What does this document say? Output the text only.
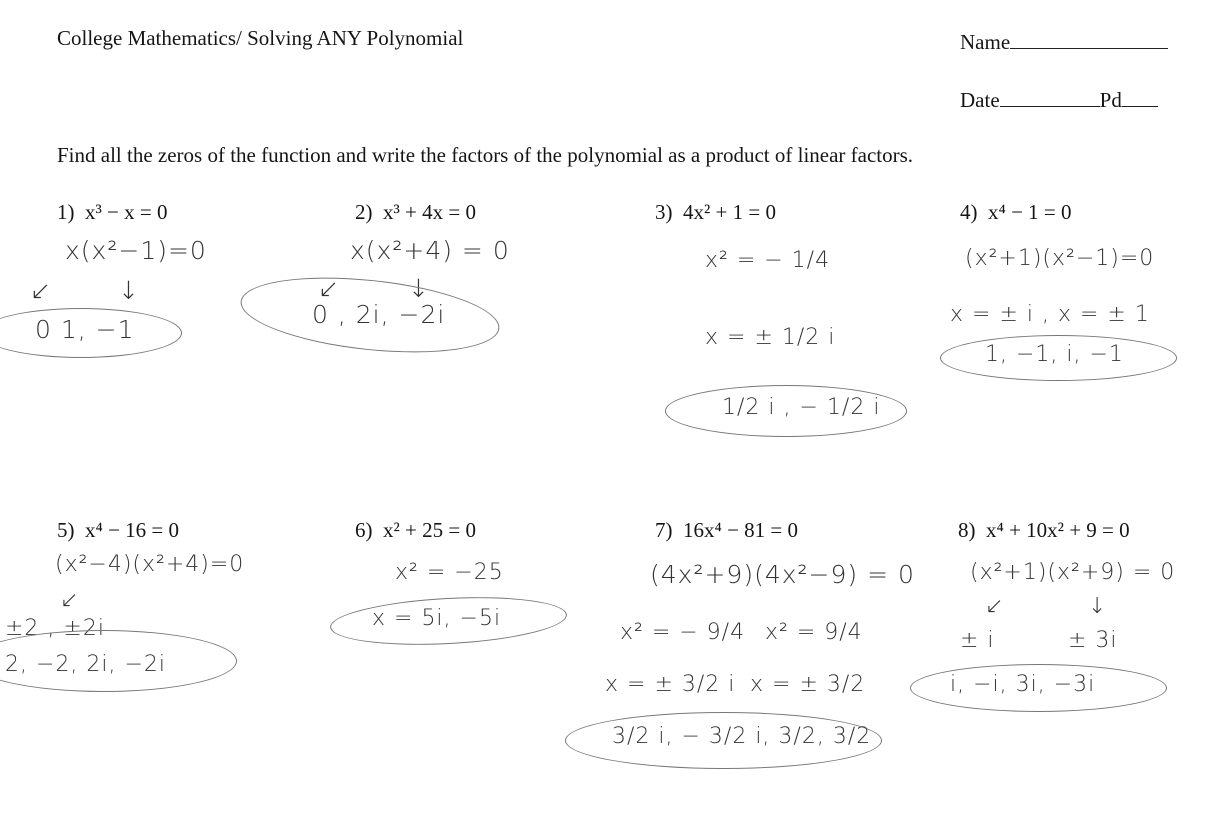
College Mathematics/ Solving ANY Polynomial	Name
Date	Pd
Find all the zeros of the function and write the factors of the polynomial as a product of linear factors.
1) x³ − x = 0
x(x²−1)=0
↙	↓
0 1, −1
2) x³ + 4x = 0
x(x²+4) = 0
↙	↓
0 , 2i, −2i
3) 4x² + 1 = 0
x² = − 1/4
x = ± 1/2 i
1/2 i , − 1/2 i
4) x⁴ − 1 = 0
(x²+1)(x²−1)=0
x = ± i , x = ± 1
1, −1, i, −1
5) x⁴ − 16 = 0
(x²−4)(x²+4)=0
↙
±2 , ±2i
2, −2, 2i, −2i
6) x² + 25 = 0
x² = −25
x = 5i, −5i
7) 16x⁴ − 81 = 0
(4x²+9)(4x²−9) = 0
x² = − 9/4 x² = 9/4
x = ± 3/2 i x = ± 3/2
3/2 i, − 3/2 i, 3/2, 3/2
8) x⁴ + 10x² + 9 = 0
(x²+1)(x²+9) = 0
↙	↓
± i	± 3i
i, −i, 3i, −3i
